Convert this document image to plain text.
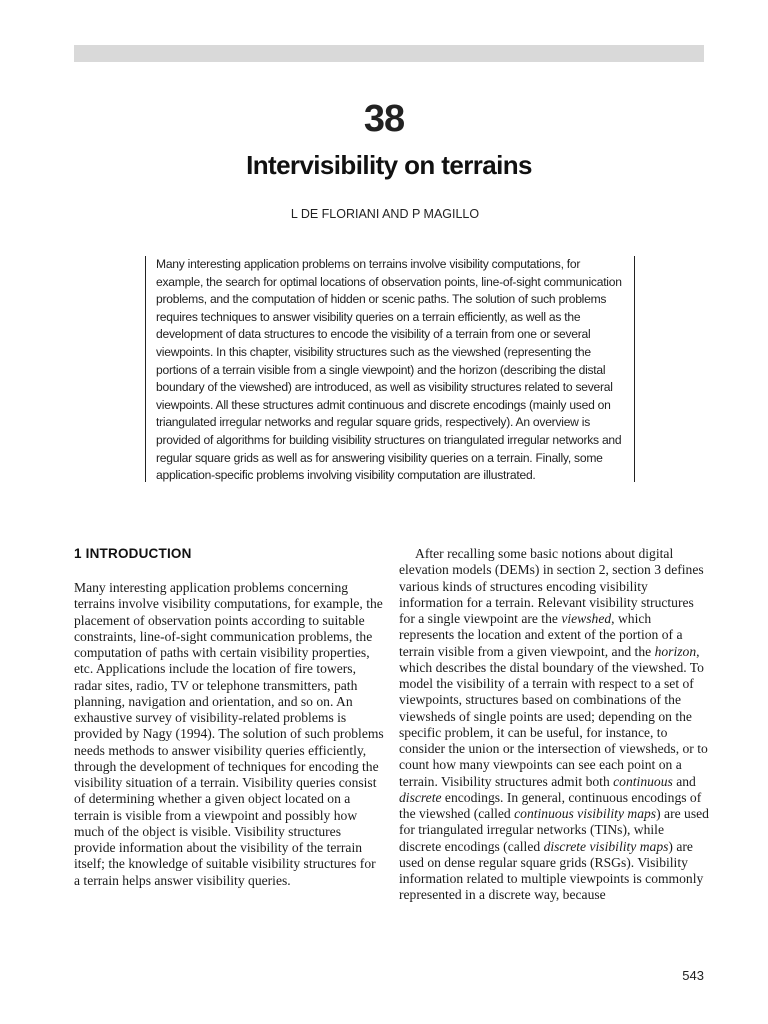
38
Intervisibility on terrains
L DE FLORIANI AND P MAGILLO

Many interesting application problems on terrains involve visibility computations, for example, the search for optimal locations of observation points, line-of-sight communication problems, and the computation of hidden or scenic paths. The solution of such problems requires techniques to answer visibility queries on a terrain efficiently, as well as the development of data structures to encode the visibility of a terrain from one or several viewpoints. In this chapter, visibility structures such as the viewshed (representing the portions of a terrain visible from a single viewpoint) and the horizon (describing the distal boundary of the viewshed) are introduced, as well as visibility structures related to several viewpoints. All these structures admit continuous and discrete encodings (mainly used on triangulated irregular networks and regular square grids, respectively). An overview is provided of algorithms for building visibility structures on triangulated irregular networks and regular square grids as well as for answering visibility queries on a terrain. Finally, some application-specific problems involving visibility computation are illustrated.

1 INTRODUCTION

Many interesting application problems concerning terrains involve visibility computations, for example, the placement of observation points according to suitable constraints, line-of-sight communication problems, the computation of paths with certain visibility properties, etc. Applications include the location of fire towers, radar sites, radio, TV or telephone transmitters, path planning, navigation and orientation, and so on. An exhaustive survey of visibility-related problems is provided by Nagy (1994). The solution of such problems needs methods to answer visibility queries efficiently, through the development of techniques for encoding the visibility situation of a terrain. Visibility queries consist of determining whether a given object located on a terrain is visible from a viewpoint and possibly how much of the object is visible. Visibility structures provide information about the visibility of the terrain itself; the knowledge of suitable visibility structures for a terrain helps answer visibility queries.

After recalling some basic notions about digital elevation models (DEMs) in section 2, section 3 defines various kinds of structures encoding visibility information for a terrain. Relevant visibility structures for a single viewpoint are the viewshed, which represents the location and extent of the portion of a terrain visible from a given viewpoint, and the horizon, which describes the distal boundary of the viewshed. To model the visibility of a terrain with respect to a set of viewpoints, structures based on combinations of the viewsheds of single points are used; depending on the specific problem, it can be useful, for instance, to consider the union or the intersection of viewsheds, or to count how many viewpoints can see each point on a terrain. Visibility structures admit both continuous and discrete encodings. In general, continuous encodings of the viewshed (called continuous visibility maps) are used for triangulated irregular networks (TINs), while discrete encodings (called discrete visibility maps) are used on dense regular square grids (RSGs). Visibility information related to multiple viewpoints is commonly represented in a discrete way, because

543
